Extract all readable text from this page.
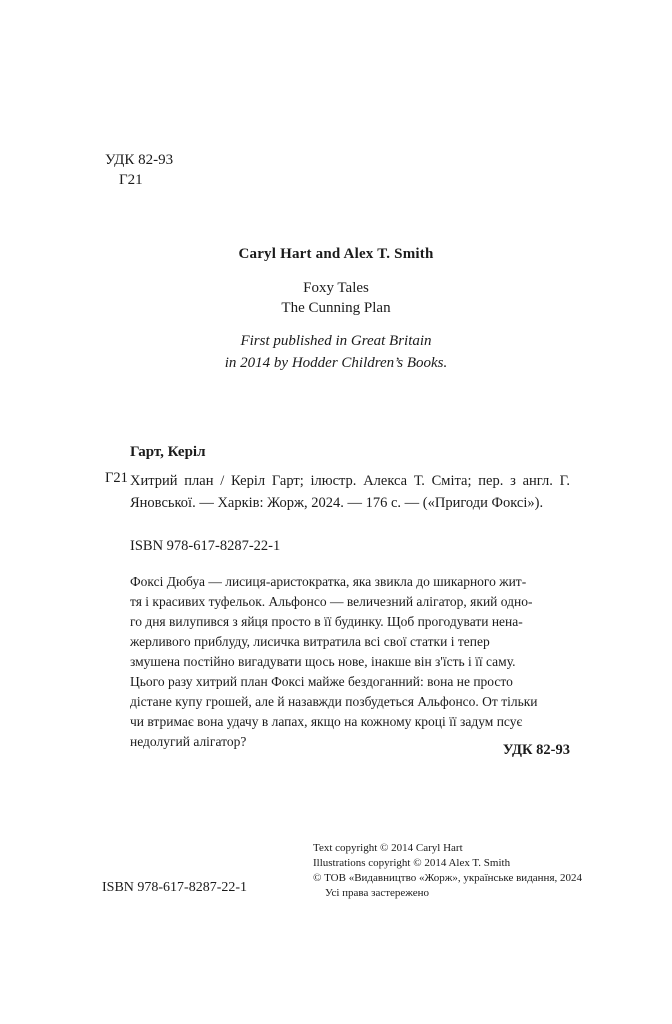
УДК 82-93
Г21
Caryl Hart and Alex T. Smith
Foxy Tales
The Cunning Plan
First published in Great Britain
in 2014 by Hodder Children’s Books.
Гарт, Керіл
Г21 Хитрий план / Керіл Гарт; ілюстр. Алекса Т. Сміта; пер. з англ. Г. Яновської. — Харків: Жорж, 2024. — 176 с. — («Пригоди Фоксі»).
ISBN 978-617-8287-22-1
Фоксі Дюбуа — лисиця-аристократка, яка звикла до шикарного жит-
тя і красивих туфельок. Альфонсо — величезний алігатор, який одно-
го дня вилупився з яйця просто в її будинку. Щоб прогодувати нена-
жерливого приблуду, лисичка витратила всі свої статки і тепер
змушена постійно вигадувати щось нове, інакше він з'їсть і її саму.
Цього разу хитрий план Фоксі майже бездоганний: вона не просто
дістане купу грошей, але й назавжди позбудеться Альфонсо. От тільки
чи втримає вона удачу в лапах, якщо на кожному кроці її задум псує
недолугий алігатор?
УДК 82-93
Text copyright © 2014 Caryl Hart
Illustrations copyright © 2014 Alex T. Smith
© ТОВ «Видавництво «Жорж», українське видання, 2024
Усі права застережено
ISBN 978-617-8287-22-1
